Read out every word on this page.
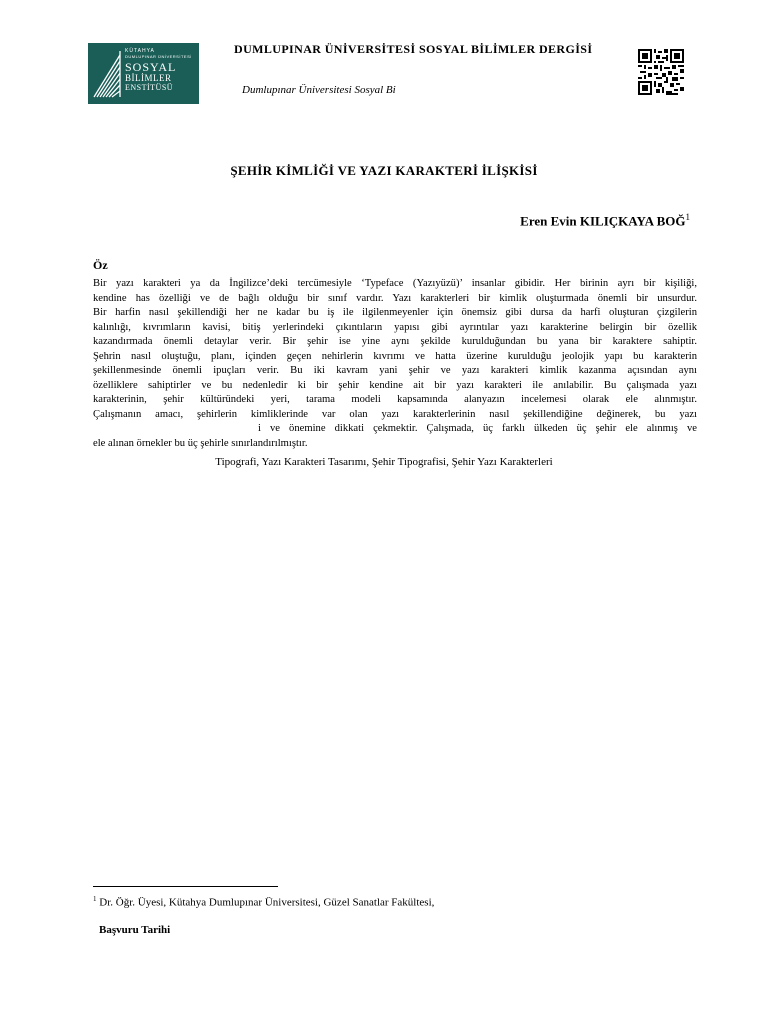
KÜTAHYA
DUMLUPINAR ÜNİVERSİTESİ
SOSYAL
BİLİMLER
ENSTİTÜSÜ
DUMLUPINAR ÜNİVERSİTESİ SOSYAL BİLİMLER DERGİSİ
Dumlupınar Üniversitesi Sosyal Bi
ŞEHİR KİMLİĞİ VE YAZI KARAKTERİ İLİŞKİSİ
Eren Evin KILIÇKAYA BOĞ$^1$
Öz
Bir yazı karakteri ya da İngilizce’deki tercümesiyle ‘Typeface (Yazıyüzü)’ insanlar gibidir. Her birinin ayrı bir kişiliği,
kendine has özelliği ve de bağlı olduğu bir sınıf vardır. Yazı karakterleri bir kimlik oluşturmada önemli bir unsurdur.
Bir harfin nasıl şekillendiği her ne kadar bu iş ile ilgilenmeyenler için önemsiz gibi dursa da harfi oluşturan çizgilerin
kalınlığı, kıvrımların kavisi, bitiş yerlerindeki çıkıntıların yapısı gibi ayrıntılar yazı karakterine belirgin bir özellik
kazandırmada önemli detaylar verir. Bir şehir ise yine aynı şekilde kurulduğundan bu yana bir karaktere sahiptir.
Şehrin nasıl oluştuğu, planı, içinden geçen nehirlerin kıvrımı ve hatta üzerine kurulduğu jeolojik yapı bu karakterin
şekillenmesinde önemli ipuçları verir. Bu iki kavram yani şehir ve yazı karakteri kimlik kazanma açısından aynı
özelliklere sahiptirler ve bu nedenledir ki bir şehir kendine ait bir yazı karakteri ile anılabilir. Bu çalışmada yazı
karakterinin, şehir kültüründeki yeri, tarama modeli kapsamında alanyazın incelemesi olarak ele alınmıştır.
Çalışmanın amacı, şehirlerin kimliklerinde var olan yazı karakterlerinin nasıl şekillendiğine değinerek, bu yazı
i ve önemine dikkati çekmektir. Çalışmada, üç farklı ülkeden üç şehir ele alınmış ve
ele alınan örnekler bu üç şehirle sınırlandırılmıştır.
Tipografi, Yazı Karakteri Tasarımı, Şehir Tipografisi, Şehir Yazı Karakterleri
$^1$ Dr. Öğr. Üyesi, Kütahya Dumlupınar Üniversitesi, Güzel Sanatlar Fakültesi,
Başvuru Tarihi
